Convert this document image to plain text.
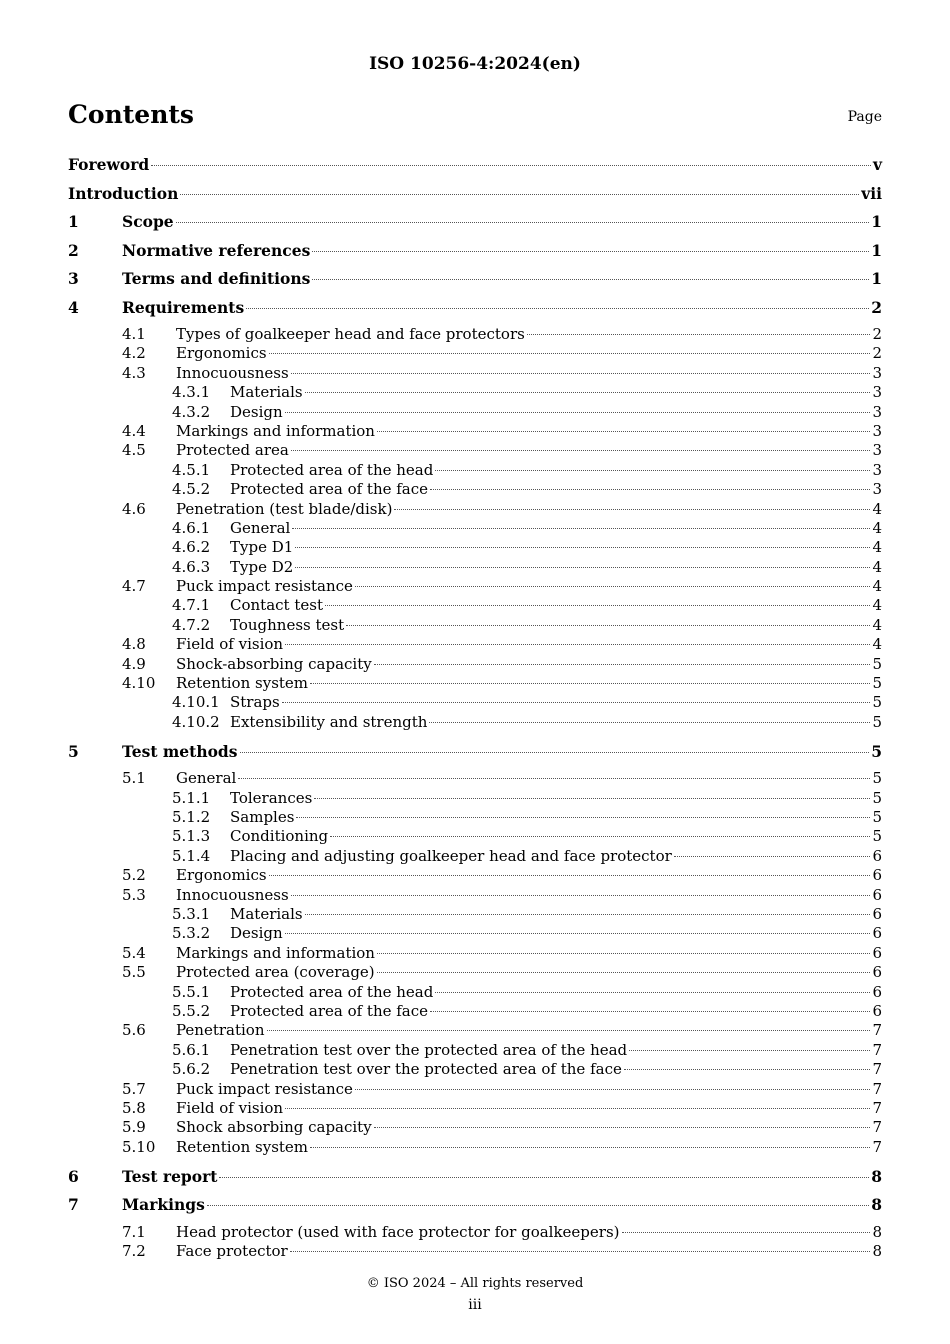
ISO 10256-4:2024(en)
Contents	Page
Foreword	v
Introduction	vii
1	Scope	1
2	Normative references	1
3	Terms and definitions	1
4	Requirements	2
4.1	Types of goalkeeper head and face protectors	2
4.2	Ergonomics	2
4.3	Innocuousness	3
4.3.1	Materials	3
4.3.2	Design	3
4.4	Markings and information	3
4.5	Protected area	3
4.5.1	Protected area of the head	3
4.5.2	Protected area of the face	3
4.6	Penetration (test blade/disk)	4
4.6.1	General	4
4.6.2	Type D1	4
4.6.3	Type D2	4
4.7	Puck impact resistance	4
4.7.1	Contact test	4
4.7.2	Toughness test	4
4.8	Field of vision	4
4.9	Shock-absorbing capacity	5
4.10	Retention system	5
4.10.1 Straps	5
4.10.2 Extensibility and strength	5
5	Test methods	5
5.1	General	5
5.1.1	Tolerances	5
5.1.2	Samples	5
5.1.3	Conditioning	5
5.1.4	Placing and adjusting goalkeeper head and face protector	6
5.2	Ergonomics	6
5.3	Innocuousness	6
5.3.1	Materials	6
5.3.2	Design	6
5.4	Markings and information	6
5.5	Protected area (coverage)	6
5.5.1	Protected area of the head	6
5.5.2	Protected area of the face	6
5.6	Penetration	7
5.6.1	Penetration test over the protected area of the head	7
5.6.2	Penetration test over the protected area of the face	7
5.7	Puck impact resistance	7
5.8	Field of vision	7
5.9	Shock absorbing capacity	7
5.10	Retention system	7
6	Test report	8
7	Markings	8
7.1	Head protector (used with face protector for goalkeepers)	8
7.2	Face protector	8
© ISO 2024 – All rights reserved
iii
